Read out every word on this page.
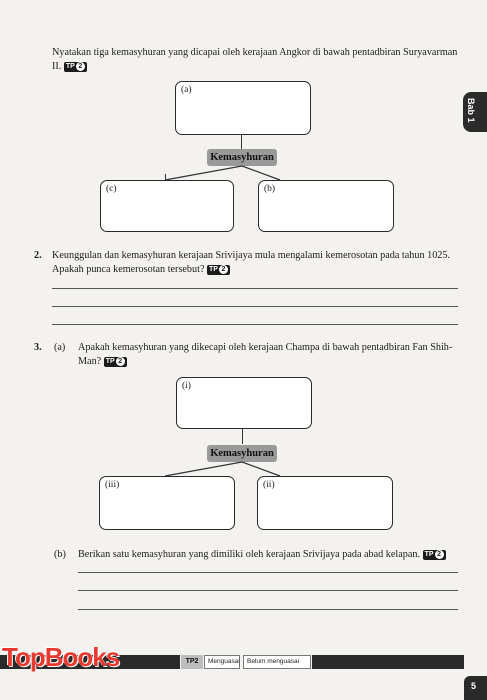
Bab 1
Nyatakan tiga kemasyhuran yang dicapai oleh kerajaan Angkor di bawah pentadbiran Suryavarman II. TP 2
(a)
Kemasyhuran
(c)	(b)
2. Keunggulan dan kemasyhuran kerajaan Srivijaya mula mengalami kemerosotan pada tahun 1025. Apakah punca kemerosotan tersebut? TP 2
3. (a) Apakah kemasyhuran yang dikecapi oleh kerajaan Champa di bawah pentadbiran Fan Shih-Man? TP 2
(i)
Kemasyhuran
(iii)	(ii)
(b) Berikan satu kemasyhuran yang dimiliki oleh kerajaan Srivijaya pada abad kelapan. TP 2
TP2	Menguasai Belum menguasai
TopBooks
5
